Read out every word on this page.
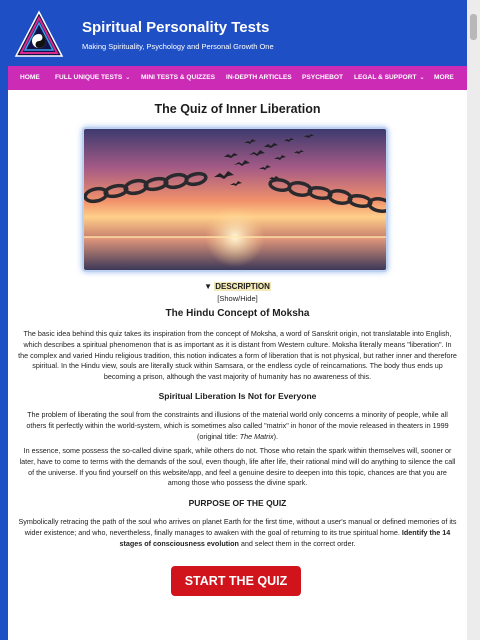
Spiritual Personality Tests
Making Spirituality, Psychology and Personal Growth One
HOME FULL UNIQUE TESTS ⌄ MINI TESTS & QUIZZES IN-DEPTH ARTICLES PSYCHEBOT LEGAL & SUPPORT ⌄ MORE
The Quiz of Inner Liberation
▼ DESCRIPTION
[Show/Hide]
The Hindu Concept of Moksha

The basic idea behind this quiz takes its inspiration from the concept of Moksha, a word of Sanskrit origin, not translatable into English, which describes a spiritual phenomenon that is as important as it is distant from Western culture. Moksha literally means "liberation". In the complex and varied Hindu religious tradition, this notion indicates a form of liberation that is not physical, but rather inner and therefore spiritual. In the Hindu view, souls are literally stuck within Samsara, or the endless cycle of reincarnations. The body thus ends up becoming a prison, although the vast majority of humanity has no awareness of this.

Spiritual Liberation Is Not for Everyone

The problem of liberating the soul from the constraints and illusions of the material world only concerns a minority of people, while all others fit perfectly within the world-system, which is sometimes also called "matrix" in honor of the movie released in theaters in 1999 (original title: The Matrix).

In essence, some possess the so-called divine spark, while others do not. Those who retain the spark within themselves will, sooner or later, have to come to terms with the demands of the soul, even though, life after life, their rational mind will do anything to silence the call of the universe. If you find yourself on this website/app, and feel a genuine desire to deepen into this topic, chances are that you are among those who possess the divine spark.

PURPOSE OF THE QUIZ

Symbolically retracing the path of the soul who arrives on planet Earth for the first time, without a user's manual or defined memories of its wider existence; and who, nevertheless, finally manages to awaken with the goal of returning to its true spiritual home. Identify the 14 stages of consciousness evolution and select them in the correct order.

START THE QUIZ
